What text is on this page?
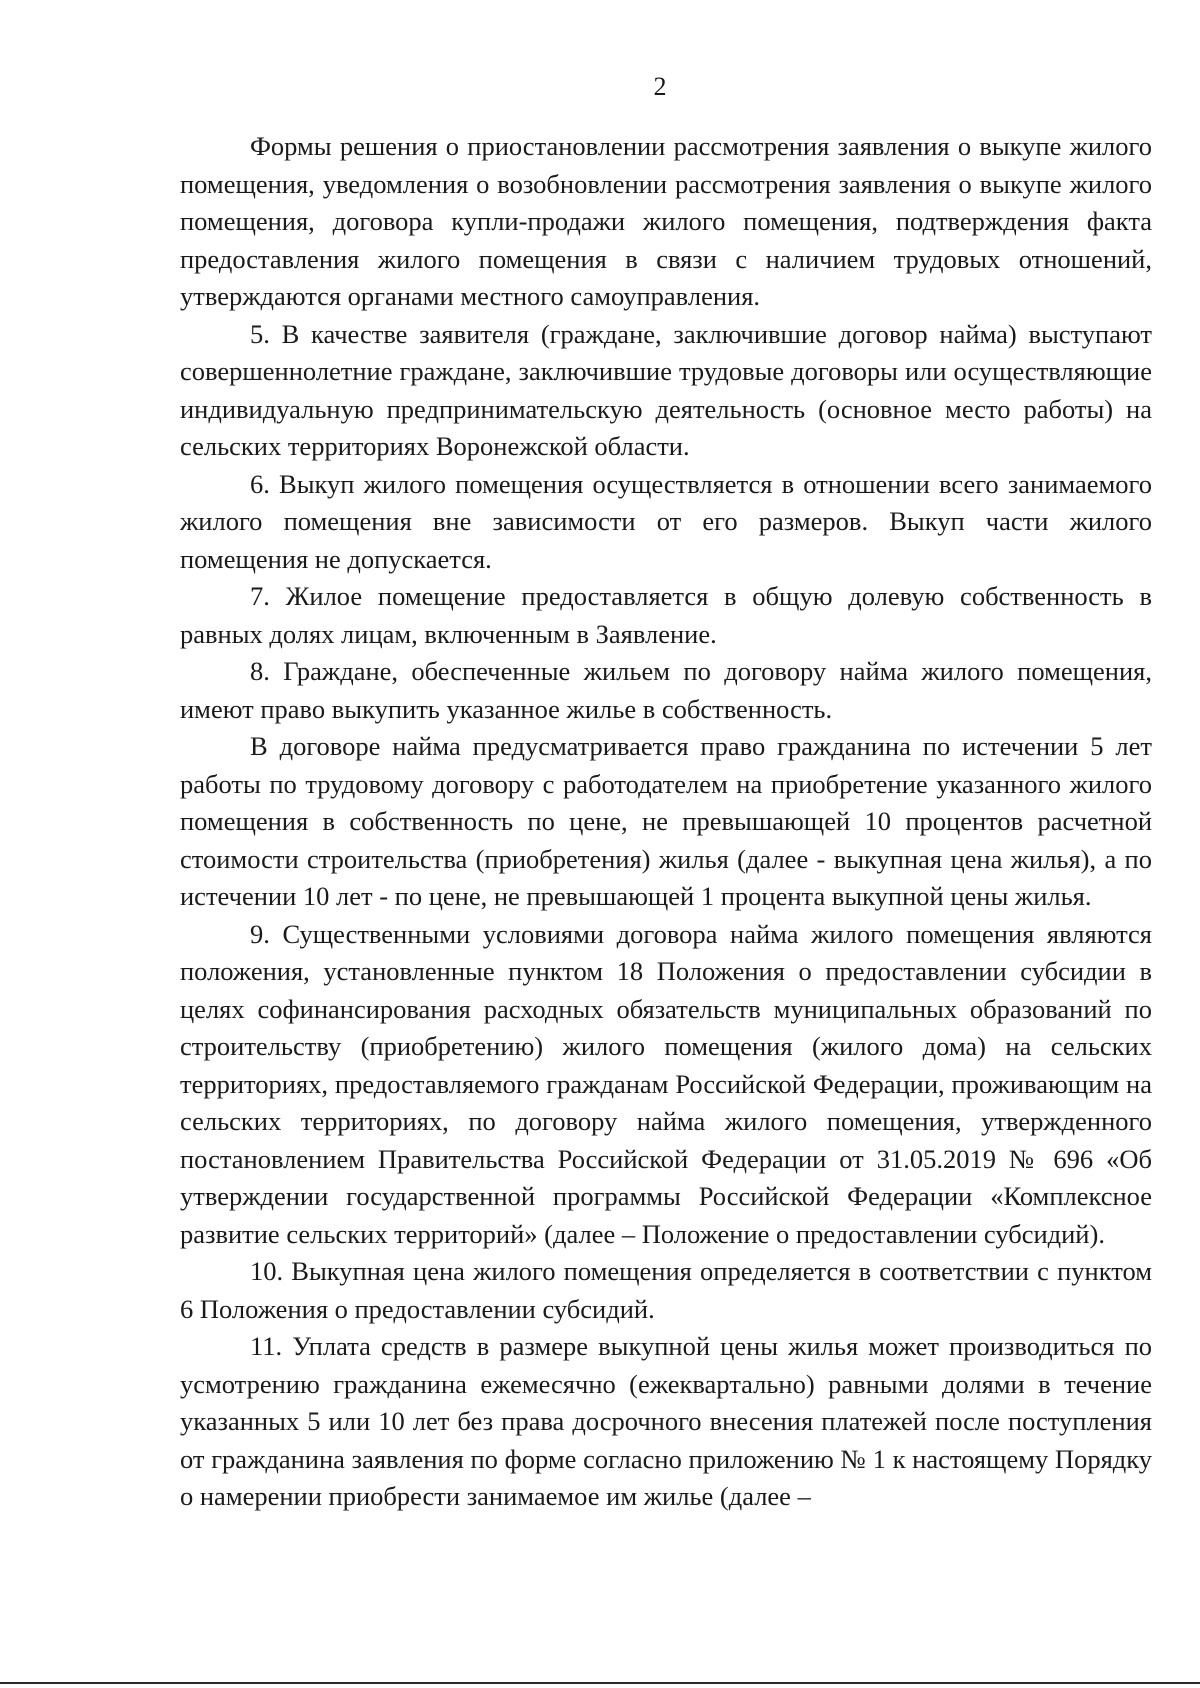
2

Формы решения о приостановлении рассмотрения заявления о выкупе жилого помещения, уведомления о возобновлении рассмотрения заявления о выкупе жилого помещения, договора купли-продажи жилого помещения, подтверждения факта предоставления жилого помещения в связи с наличием трудовых отношений, утверждаются органами местного самоуправления.

5. В качестве заявителя (граждане, заключившие договор найма) выступают совершеннолетние граждане, заключившие трудовые договоры или осуществляющие индивидуальную предпринимательскую деятельность (основное место работы) на сельских территориях Воронежской области.

6. Выкуп жилого помещения осуществляется в отношении всего занимаемого жилого помещения вне зависимости от его размеров. Выкуп части жилого помещения не допускается.

7. Жилое помещение предоставляется в общую долевую собственность в равных долях лицам, включенным в Заявление.

8. Граждане, обеспеченные жильем по договору найма жилого помещения, имеют право выкупить указанное жилье в собственность.

В договоре найма предусматривается право гражданина по истечении 5 лет работы по трудовому договору с работодателем на приобретение указанного жилого помещения в собственность по цене, не превышающей 10 процентов расчетной стоимости строительства (приобретения) жилья (далее - выкупная цена жилья), а по истечении 10 лет - по цене, не превышающей 1 процента выкупной цены жилья.

9. Существенными условиями договора найма жилого помещения являются положения, установленные пунктом 18 Положения о предоставлении субсидии в целях софинансирования расходных обязательств муниципальных образований по строительству (приобретению) жилого помещения (жилого дома) на сельских территориях, предоставляемого гражданам Российской Федерации, проживающим на сельских территориях, по договору найма жилого помещения, утвержденного постановлением Правительства Российской Федерации от 31.05.2019 № 696 «Об утверждении государственной программы Российской Федерации «Комплексное развитие сельских территорий» (далее – Положение о предоставлении субсидий).

10. Выкупная цена жилого помещения определяется в соответствии с пунктом 6 Положения о предоставлении субсидий.

11. Уплата средств в размере выкупной цены жилья может производиться по усмотрению гражданина ежемесячно (ежеквартально) равными долями в течение указанных 5 или 10 лет без права досрочного внесения платежей после поступления от гражданина заявления по форме согласно приложению № 1 к настоящему Порядку о намерении приобрести занимаемое им жилье (далее –
